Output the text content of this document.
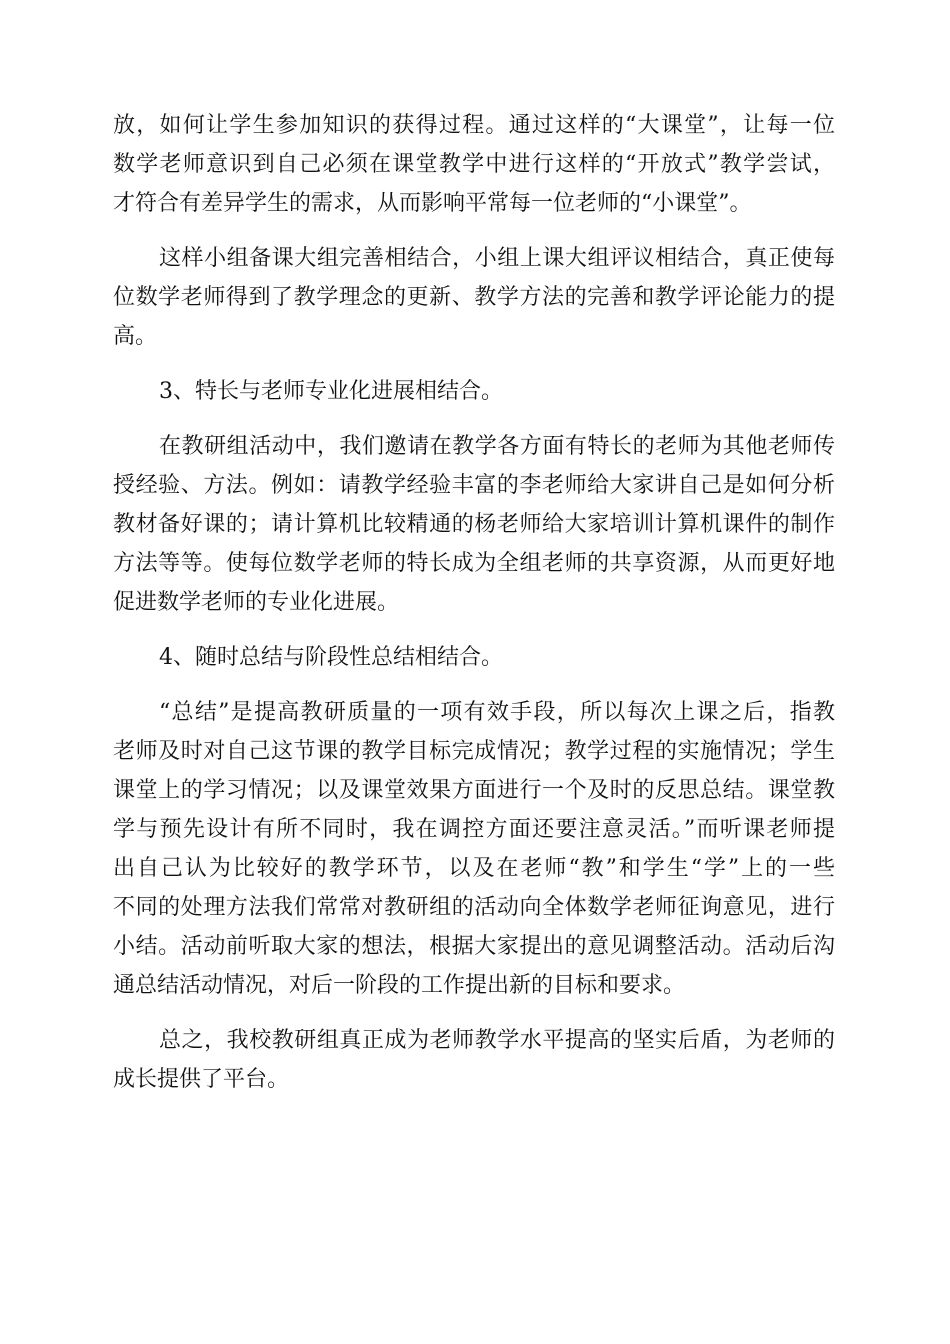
放，如何让学生参加知识的获得过程。通过这样的“大课堂”，让每一位
数学老师意识到自己必须在课堂教学中进行这样的“开放式”教学尝试，
才符合有差异学生的需求，从而影响平常每一位老师的“小课堂”。

这样小组备课大组完善相结合，小组上课大组评议相结合，真正使每
位数学老师得到了教学理念的更新、教学方法的完善和教学评论能力的提
高。

3、特长与老师专业化进展相结合。

在教研组活动中，我们邀请在教学各方面有特长的老师为其他老师传
授经验、方法。例如：请教学经验丰富的李老师给大家讲自己是如何分析
教材备好课的；请计算机比较精通的杨老师给大家培训计算机课件的制作
方法等等。使每位数学老师的特长成为全组老师的共享资源，从而更好地
促进数学老师的专业化进展。

4、随时总结与阶段性总结相结合。

“总结”是提高教研质量的一项有效手段，所以每次上课之后，指教
老师及时对自己这节课的教学目标完成情况；教学过程的实施情况；学生
课堂上的学习情况；以及课堂效果方面进行一个及时的反思总结。课堂教
学与预先设计有所不同时，我在调控方面还要注意灵活。”而听课老师提
出自己认为比较好的教学环节，以及在老师“教”和学生“学”上的一些
不同的处理方法我们常常对教研组的活动向全体数学老师征询意见，进行
小结。活动前听取大家的想法，根据大家提出的意见调整活动。活动后沟
通总结活动情况，对后一阶段的工作提出新的目标和要求。

总之，我校教研组真正成为老师教学水平提高的坚实后盾，为老师的
成长提供了平台。
